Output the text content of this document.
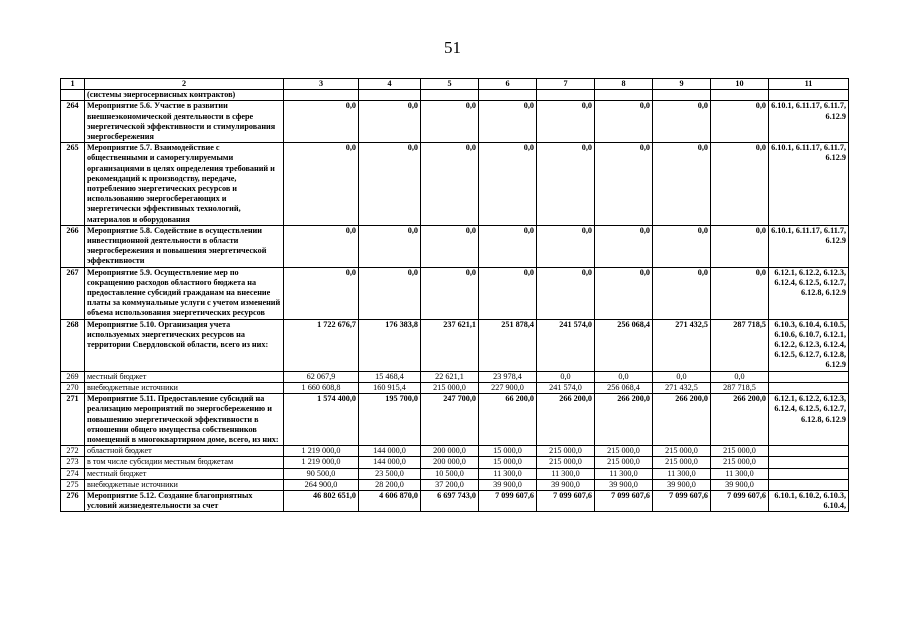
51
1	2	3	4	5	6	7	8	9	10	11
	(системы энергосервисных контрактов)									
264	Мероприятие 5.6. Участие в развитии внешнеэкономической деятельности в сфере энергетической эффективности и стимулирования энергосбережения	0,0	0,0	0,0	0,0	0,0	0,0	0,0	0,0	6.10.1, 6.11.17, 6.11.7, 6.12.9
265	Мероприятие 5.7. Взаимодействие с общественными и саморегулируемыми организациями в целях определения требований и рекомендаций к производству, передаче, потреблению энергетических ресурсов и использованию энергосберегающих и энергетически эффективных технологий, материалов и оборудования	0,0	0,0	0,0	0,0	0,0	0,0	0,0	0,0	6.10.1, 6.11.17, 6.11.7, 6.12.9
266	Мероприятие 5.8. Содействие в осуществлении инвестиционной деятельности в области энергосбережения и повышения энергетической эффективности	0,0	0,0	0,0	0,0	0,0	0,0	0,0	0,0	6.10.1, 6.11.17, 6.11.7, 6.12.9
267	Мероприятие 5.9. Осуществление мер по сокращению расходов областного бюджета на предоставление субсидий гражданам на внесение платы за коммунальные услуги с учетом изменений объема использования энергетических ресурсов	0,0	0,0	0,0	0,0	0,0	0,0	0,0	0,0	6.12.1, 6.12.2, 6.12.3, 6.12.4, 6.12.5, 6.12.7, 6.12.8, 6.12.9
268	Мероприятие 5.10. Организация учета используемых энергетических ресурсов на территории Свердловской области, всего из них:	1 722 676,7	176 383,8	237 621,1	251 878,4	241 574,0	256 068,4	271 432,5	287 718,5	6.10.3, 6.10.4, 6.10.5, 6.10.6, 6.10.7, 6.12.1, 6.12.2, 6.12.3, 6.12.4, 6.12.5, 6.12.7, 6.12.8, 6.12.9
269	местный бюджет	62 067,9	15 468,4	22 621,1	23 978,4	0,0	0,0	0,0	0,0	
270	внебюджетные источники	1 660 608,8	160 915,4	215 000,0	227 900,0	241 574,0	256 068,4	271 432,5	287 718,5	
271	Мероприятие 5.11. Предоставление субсидий на реализацию мероприятий по энергосбережению и повышению энергетической эффективности в отношении общего имущества собственников помещений в многоквартирном доме, всего, из них:	1 574 400,0	195 700,0	247 700,0	66 200,0	266 200,0	266 200,0	266 200,0	266 200,0	6.12.1, 6.12.2, 6.12.3, 6.12.4, 6.12.5, 6.12.7, 6.12.8, 6.12.9
272	областной бюджет	1 219 000,0	144 000,0	200 000,0	15 000,0	215 000,0	215 000,0	215 000,0	215 000,0	
273	в том числе субсидии местным бюджетам	1 219 000,0	144 000,0	200 000,0	15 000,0	215 000,0	215 000,0	215 000,0	215 000,0	
274	местный бюджет	90 500,0	23 500,0	10 500,0	11 300,0	11 300,0	11 300,0	11 300,0	11 300,0	
275	внебюджетные источники	264 900,0	28 200,0	37 200,0	39 900,0	39 900,0	39 900,0	39 900,0	39 900,0	
276	Мероприятие 5.12. Создание благоприятных условий жизнедеятельности за счет	46 802 651,0	4 606 870,0	6 697 743,0	7 099 607,6	7 099 607,6	7 099 607,6	7 099 607,6	7 099 607,6	6.10.1, 6.10.2, 6.10.3, 6.10.4,
